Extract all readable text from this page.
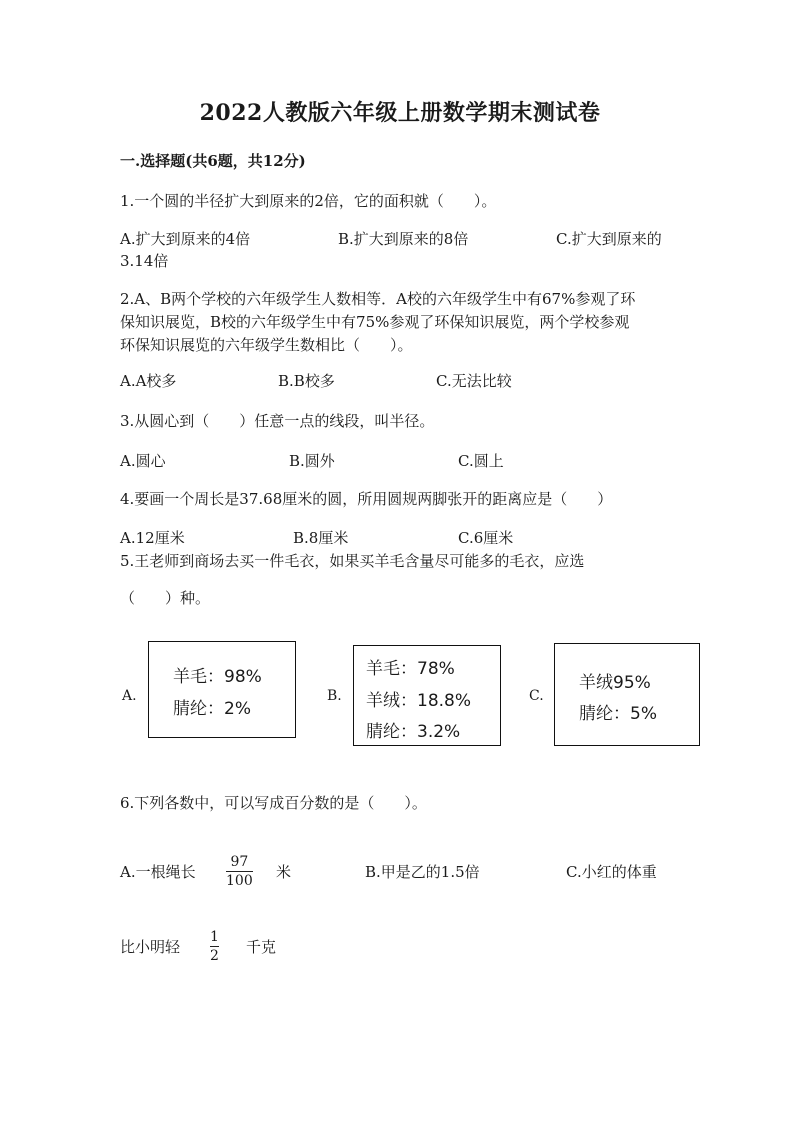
2022人教版六年级上册数学期末测试卷
一.选择题(共6题，共12分)
1.一个圆的半径扩大到原来的2倍，它的面积就（　　）。
A.扩大到原来的4倍	B.扩大到原来的8倍	C.扩大到原来的
3.14倍
2.A、B两个学校的六年级学生人数相等．A校的六年级学生中有67%参观了环
保知识展览，B校的六年级学生中有75%参观了环保知识展览，两个学校参观
环保知识展览的六年级学生数相比（　　）。
A.A校多	B.B校多	C.无法比较
3.从圆心到（　　）任意一点的线段，叫半径。
A.圆心	B.圆外	C.圆上
4.要画一个周长是37.68厘米的圆，所用圆规两脚张开的距离应是（　　）
A.12厘米	B.8厘米	C.6厘米
5.王老师到商场去买一件毛衣，如果买羊毛含量尽可能多的毛衣，应选
（　　）种。
A.
羊毛：98%
腈纶：2%
B.
羊毛：78%
羊绒：18.8%
腈纶：3.2%
C.
羊绒95%
腈纶：5%
6.下列各数中，可以写成百分数的是（　　）。
A.一根绳长
97
100 米	B.甲是乙的1.5倍	C.小红的体重
比小明轻
1
2 千克
